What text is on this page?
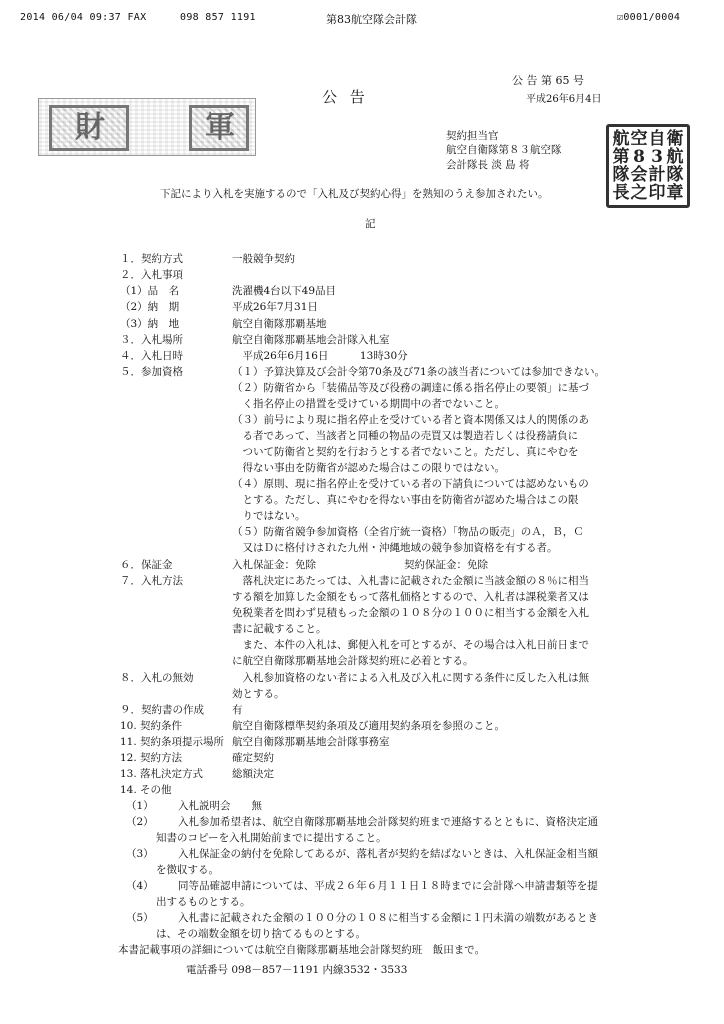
2014 06/04 09:37 FAX	098 857 1191	第83航空隊会計隊	☑0001/0004
公 告 第 65 号
公 告	平成26年6月4日
財	軍	契約担当官
航空自衛隊第８３航空隊
会計隊長 淡 島 将
航 空 自 衛
第 8 3 航
隊 会 計 隊
長 之 印 章
下記により入札を実施するので「入札及び契約心得」を熟知のうえ参加されたい。
記
１．契約方式	一般競争契約
２．入札事項
（1）品　名	洗濯機4台以下49品目
（2）納　期	平成26年7月31日
（3）納　地	航空自衛隊那覇基地
３．入札場所	航空自衛隊那覇基地会計隊入札室
４．入札日時	　平成26年6月16日　　　13時30分
５．参加資格	（１）予算決算及び会計令第70条及び71条の該当者については参加できない。
（２）防衛省から「装備品等及び役務の調達に係る指名停止の要領」に基づ
　く指名停止の措置を受けている期間中の者でないこと。
（３）前号により現に指名停止を受けている者と資本関係又は人的関係のあ
　る者であって、当該者と同種の物品の売買又は製造若しくは役務請負に
　ついて防衛省と契約を行おうとする者でないこと。ただし、真にやむを
　得ない事由を防衛省が認めた場合はこの限りではない。
（４）原則、現に指名停止を受けている者の下請負については認めないもの
　とする。ただし、真にやむを得ない事由を防衛省が認めた場合はこの限
　りではない。
（５）防衛省競争参加資格（全省庁統一資格）「物品の販売」のＡ，Ｂ，Ｃ
　又はＤに格付けされた九州・沖縄地域の競争参加資格を有する者。
６．保証金	入札保証金：免除	契約保証金：免除
７．入札方法	　落札決定にあたっては、入札書に記載された金額に当該金額の８％に相当
する額を加算した金額をもって落札価格とするので、入札者は課税業者又は
免税業者を問わず見積もった金額の１０８分の１００に相当する金額を入札
書に記載すること。
　また、本件の入札は、郵便入札を可とするが、その場合は入札日前日まで
に航空自衛隊那覇基地会計隊契約班に必着とする。
８．入札の無効	　入札参加資格のない者による入札及び入札に関する条件に反した入札は無
効とする。
９．契約書の作成	有
10. 契約条件	航空自衛隊標準契約条項及び適用契約条項を参照のこと。
11. 契約条項提示場所 航空自衛隊那覇基地会計隊事務室
12. 契約方法	確定契約
13. 落札決定方式	総額決定
14. その他
（1） 入札説明会　　無
（2） 入札参加希望者は、航空自衛隊那覇基地会計隊契約班まで連絡するとともに、資格決定通
知書のコピーを入札開始前までに提出すること。
（3） 入札保証金の納付を免除してあるが、落札者が契約を結ばないときは、入札保証金相当額
を徴収する。
（4） 同等品確認申請については、平成２６年６月１１日１８時までに会計隊へ申請書類等を提
出するものとする。
（5） 入札書に記載された金額の１００分の１０８に相当する金額に１円未満の端数があるとき
は、その端数金額を切り捨てるものとする。
本書記載事項の詳細については航空自衛隊那覇基地会計隊契約班　飯田まで。
電話番号 098－857－1191 内線3532・3533
